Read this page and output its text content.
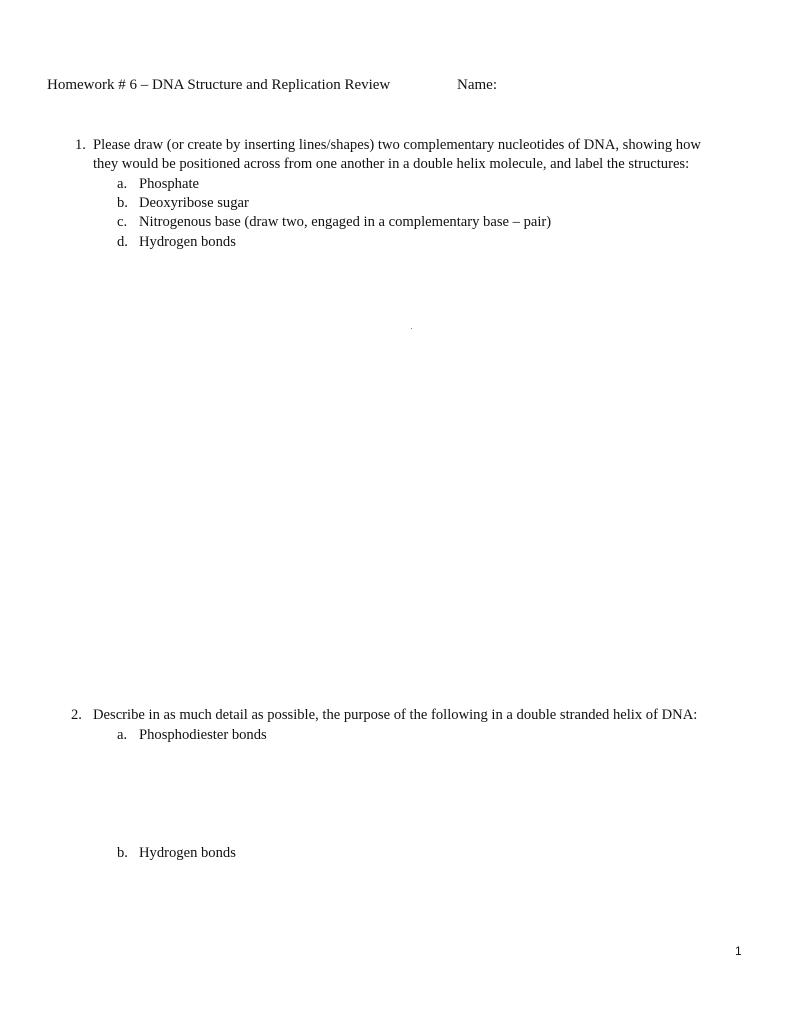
Homework # 6 – DNA Structure and Replication Review	Name:
1. Please draw (or create by inserting lines/shapes) two complementary nucleotides of DNA, showing how
they would be positioned across from one another in a double helix molecule, and label the structures:
a. Phosphate
b. Deoxyribose sugar
c. Nitrogenous base (draw two, engaged in a complementary base – pair)
d. Hydrogen bonds
2. Describe in as much detail as possible, the purpose of the following in a double stranded helix of DNA:
a. Phosphodiester bonds
b. Hydrogen bonds
1
